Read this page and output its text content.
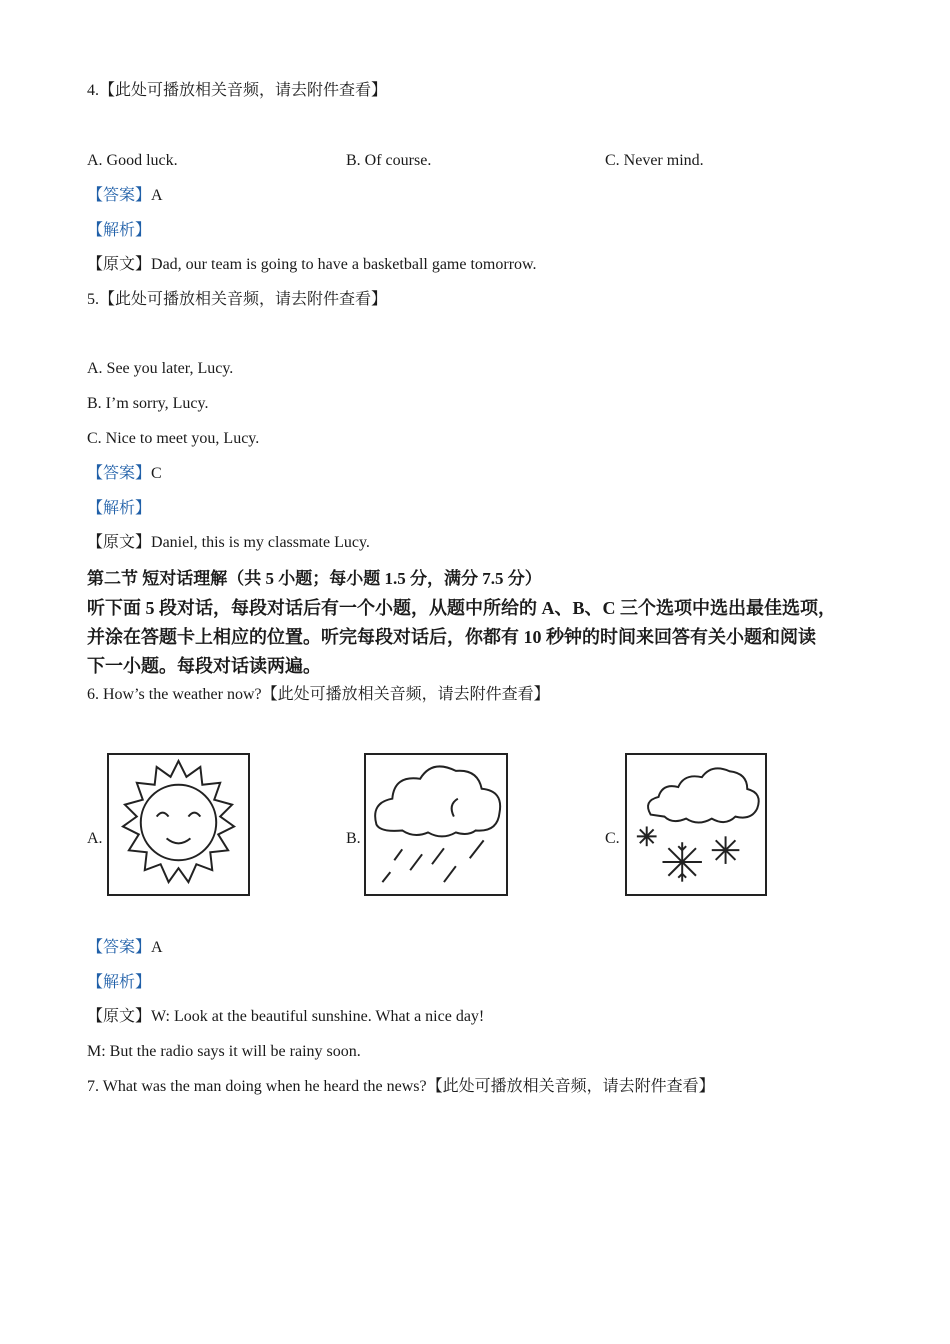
4.【此处可播放相关音频，请去附件查看】
A. Good luck.	B. Of course.	C. Never mind.
【答案】A
【解析】
【原文】Dad, our team is going to have a basketball game tomorrow.
5.【此处可播放相关音频，请去附件查看】
A. See you later, Lucy.
B. I’m sorry, Lucy.
C. Nice to meet you, Lucy.
【答案】C
【解析】
【原文】Daniel, this is my classmate Lucy.
第二节 短对话理解（共 5 小题；每小题 1.5 分，满分 7.5 分）
听下面 5 段对话，每段对话后有一个小题，从题中所给的 A、B、C 三个选项中选出最佳选项，
并涂在答题卡上相应的位置。听完每段对话后，你都有 10 秒钟的时间来回答有关小题和阅读
下一小题。每段对话读两遍。
6. How’s the weather now?【此处可播放相关音频，请去附件查看】
A.	B.	C.
【答案】A
【解析】
【原文】W: Look at the beautiful sunshine. What a nice day!
M: But the radio says it will be rainy soon.
7. What was the man doing when he heard the news?【此处可播放相关音频，请去附件查看】
